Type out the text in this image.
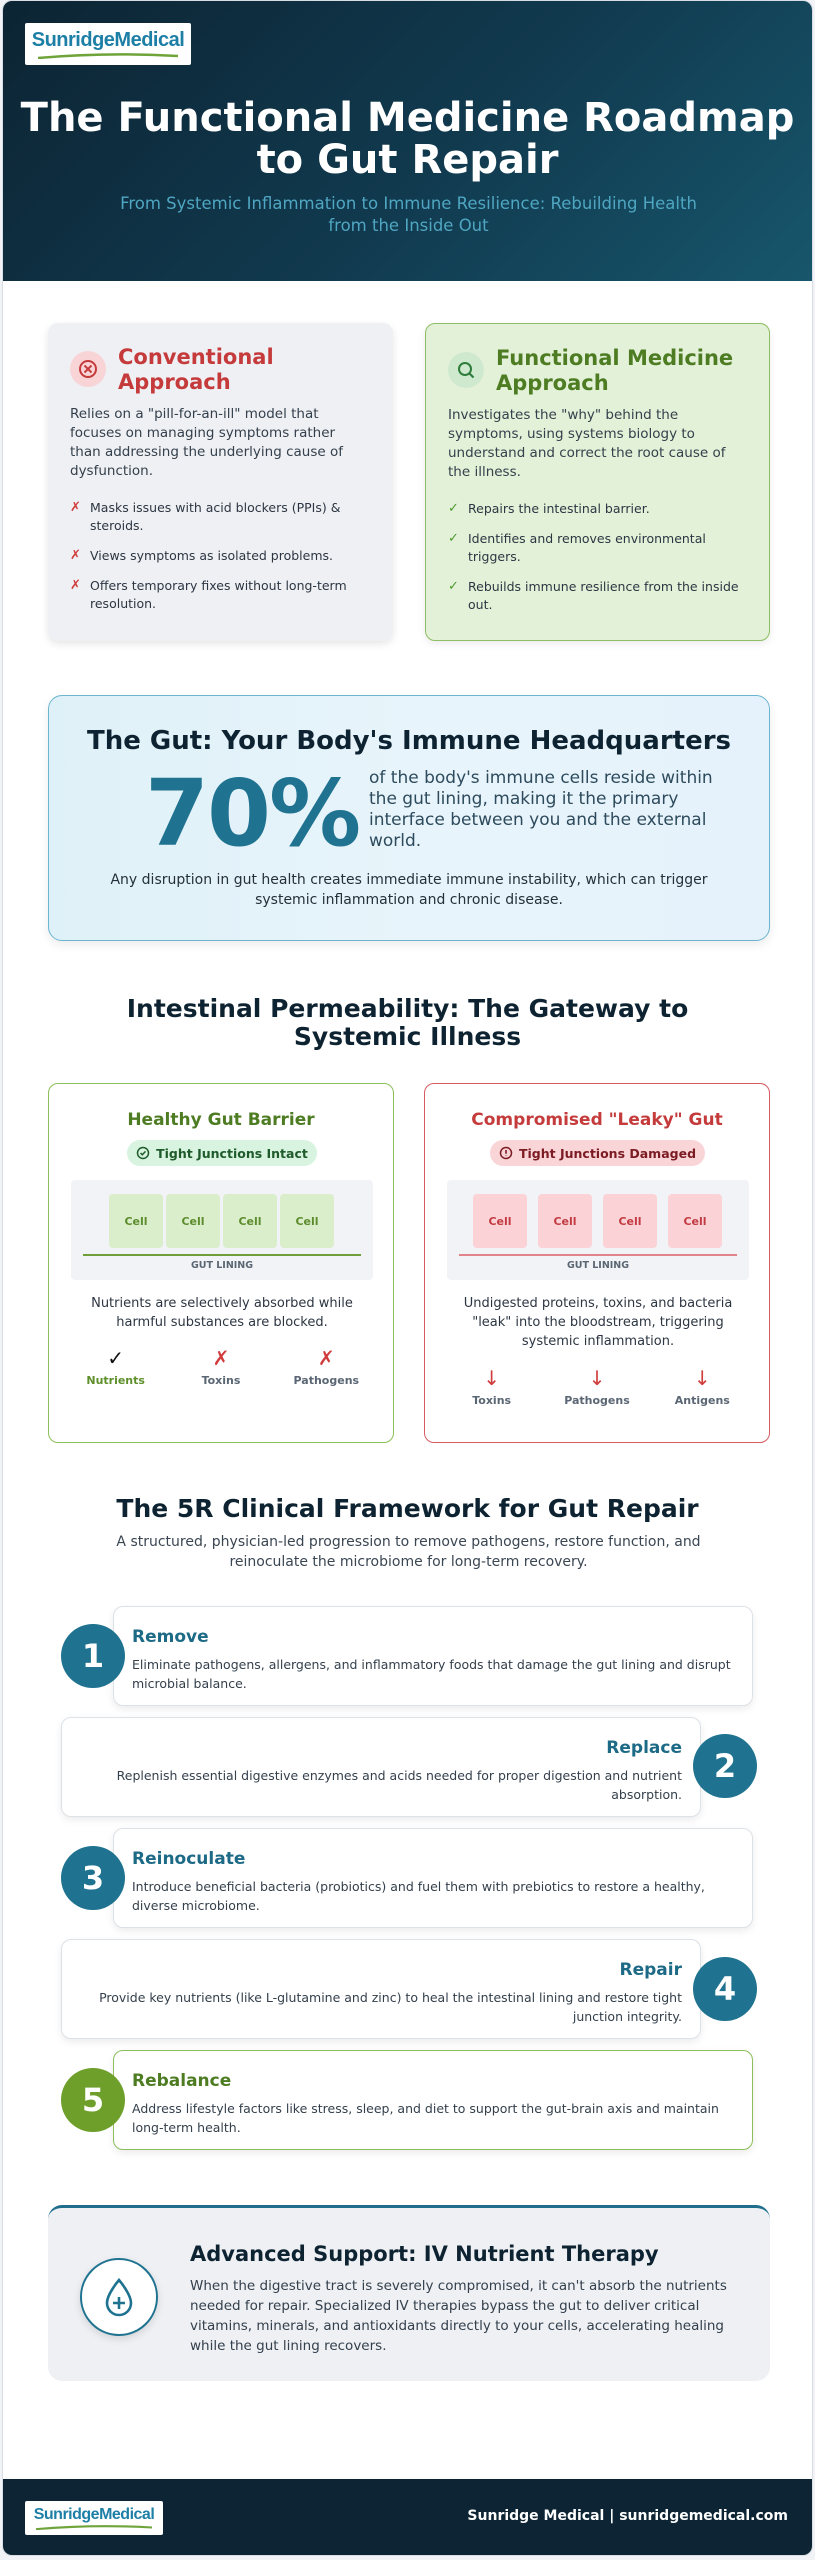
SunridgeMedical
The Functional Medicine Roadmap to Gut Repair

From Systemic Inflammation to Immune Resilience: Rebuilding Health from the Inside Out

Conventional Approach

Relies on a "pill-for-an-ill" model that focuses on managing symptoms rather than addressing the underlying cause of dysfunction.

✗ Masks issues with acid blockers (PPIs) & steroids.
✗ Views symptoms as isolated problems.
✗ Offers temporary fixes without long-term resolution.
Functional Medicine Approach

Investigates the "why" behind the symptoms, using systems biology to understand and correct the root cause of the illness.

✓ Repairs the intestinal barrier.
✓ Identifies and removes environmental triggers.
✓ Rebuilds immune resilience from the inside out.
The Gut: Your Body's Immune Headquarters
70% of the body's immune cells reside within the gut lining, making it the primary interface between you and the external world.

Any disruption in gut health creates immediate immune instability, which can trigger systemic inflammation and chronic disease.

Intestinal Permeability: The Gateway to Systemic Illness
Healthy Gut Barrier
Tight Junctions Intact
Cell	Cell	Cell	Cell
GUT LINING

Nutrients are selectively absorbed while harmful substances are blocked.

✓
Nutrients
✗
Toxins
✗
Pathogens
Compromised "Leaky" Gut
Tight Junctions Damaged
Cell	Cell	Cell	Cell
GUT LINING

Undigested proteins, toxins, and bacteria "leak" into the bloodstream, triggering systemic inflammation.

↓
Toxins
↓
Pathogens
↓
Antigens
The 5R Clinical Framework for Gut Repair

A structured, physician-led progression to remove pathogens, restore function, and reinoculate the microbiome for long-term recovery.

Remove
Eliminate pathogens, allergens, and inflammatory foods that damage the gut lining and disrupt microbial balance.
1
Replace
Replenish essential digestive enzymes and acids needed for proper digestion and nutrient absorption.
2
Reinoculate
Introduce beneficial bacteria (probiotics) and fuel them with prebiotics to restore a healthy, diverse microbiome.
3
Repair
Provide key nutrients (like L-glutamine and zinc) to heal the intestinal lining and restore tight junction integrity.
4
Rebalance
Address lifestyle factors like stress, sleep, and diet to support the gut-brain axis and maintain long-term health.
5
Advanced Support: IV Nutrient Therapy

When the digestive tract is severely compromised, it can't absorb the nutrients needed for repair. Specialized IV therapies bypass the gut to deliver critical vitamins, minerals, and antioxidants directly to your cells, accelerating healing while the gut lining recovers.

SunridgeMedical	Sunridge Medical | sunridgemedical.com
